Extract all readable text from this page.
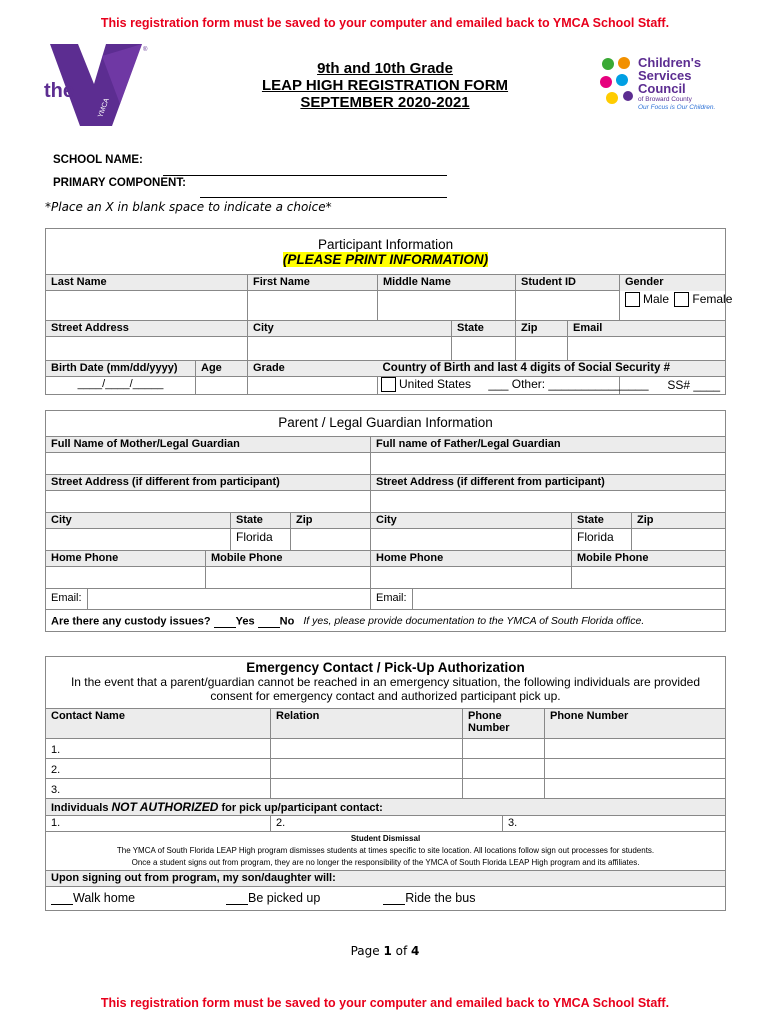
This registration form must be saved to your computer and emailed back to YMCA School Staff.
YMCA
®
the
9th and 10th Grade
LEAP HIGH REGISTRATION FORM
SEPTEMBER 2020-2021
Children's
Services
Council
of Broward County
Our Focus is Our Children.
SCHOOL NAME:
PRIMARY COMPONENT:
*Place an X in blank space to indicate a choice*
Participant Information
(PLEASE PRINT INFORMATION)							
Last Name		First Name	Middle Name		Student ID		Gender
							Male Female
Street Address		City		State	Zip	Email	

Birth Date (mm/dd/yyyy)	Age	Grade	Country of Birth and last 4 digits of Social Security #				
____/____/_____			United States ___ Other: _______________				SS# ____
Parent / Legal Guardian Information						
Full Name of Mother/Legal Guardian				Full name of Father/Legal Guardian		

Street Address (if different from participant)				Street Address (if different from participant)		

City		State	Zip	City	State	Zip
		Florida			Florida	
Home Phone	Mobile Phone			Home Phone	Mobile Phone	

Email:				Email:		
Are there any custody issues? Yes No If yes, please provide documentation to the YMCA of South Florida office.						
Emergency Contact / Pick-Up Authorization
In the event that a parent/guardian cannot be reached in an emergency situation, the following individuals are provided
consent for emergency contact and authorized participant pick up.				

Contact Name	Relation	Phone Number		Phone Number
1.				
2.				
3.				
Individuals NOT AUTHORIZED for pick up/participant contact:				
1.	2.		3.	

Student Dismissal
The YMCA of South Florida LEAP High program dismisses students at times specific to site location. All locations follow sign out processes for students.
Once a student signs out from program, they are no longer the responsibility of the YMCA of South Florida LEAP High program and its affiliates.				

Upon signing out from program, my son/daughter will:				
Walk home Be picked up Ride the bus				
Page 1 of 4
This registration form must be saved to your computer and emailed back to YMCA School Staff.
